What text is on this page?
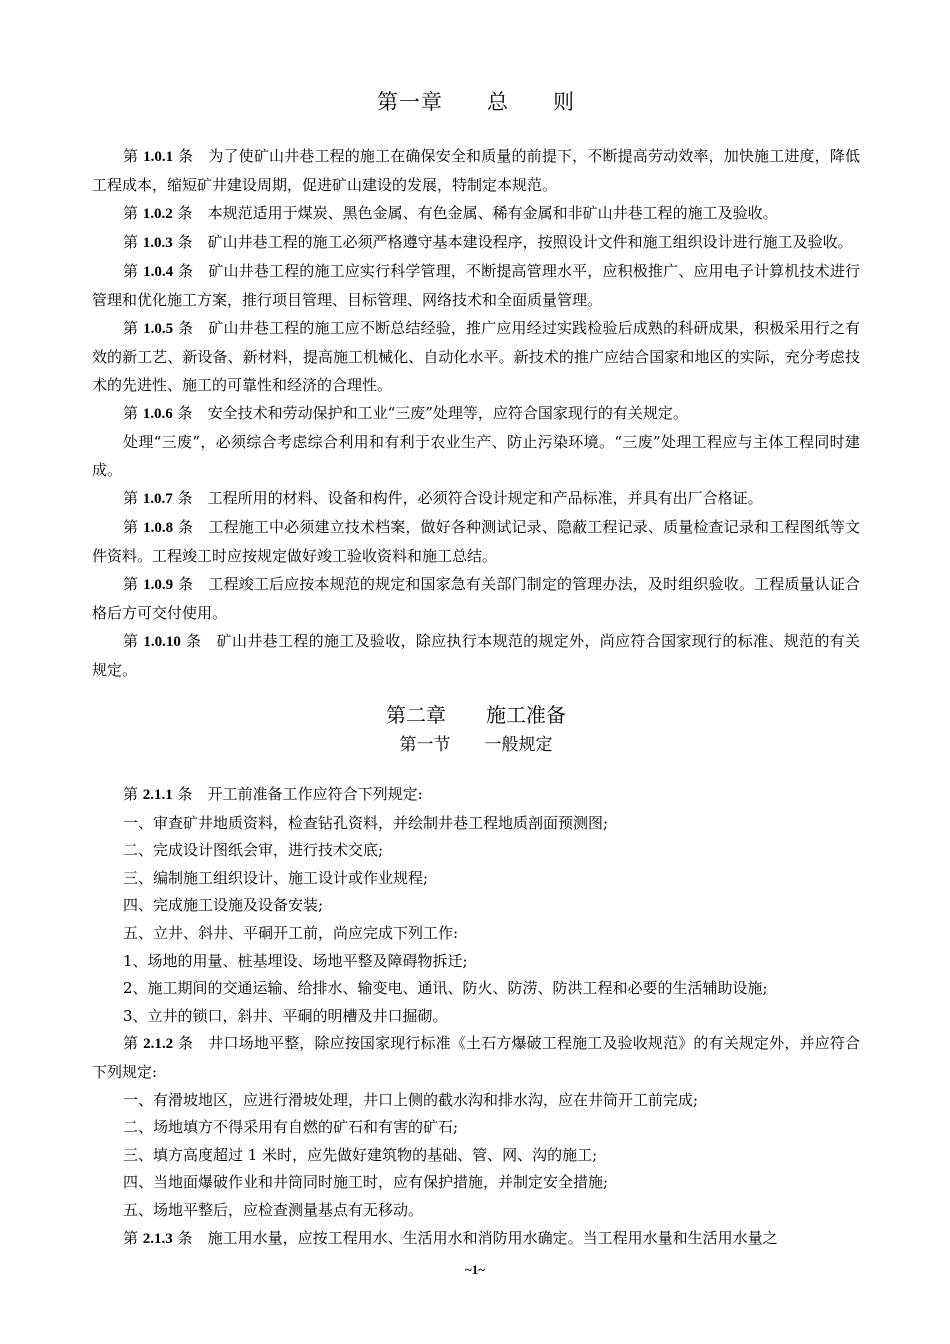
第一章　　总　　则

第 1.0.1 条　为了使矿山井巷工程的施工在确保安全和质量的前提下，不断提高劳动效率，加快施工进度，降低工程成本，缩短矿井建设周期，促进矿山建设的发展，特制定本规范。

第 1.0.2 条　本规范适用于煤炭、黑色金属、有色金属、稀有金属和非矿山井巷工程的施工及验收。

第 1.0.3 条　矿山井巷工程的施工必须严格遵守基本建设程序，按照设计文件和施工组织设计进行施工及验收。

第 1.0.4 条　矿山井巷工程的施工应实行科学管理，不断提高管理水平，应积极推广、应用电子计算机技术进行管理和优化施工方案，推行项目管理、目标管理、网络技术和全面质量管理。

第 1.0.5 条　矿山井巷工程的施工应不断总结经验，推广应用经过实践检验后成熟的科研成果，积极采用行之有效的新工艺、新设备、新材料，提高施工机械化、自动化水平。新技术的推广应结合国家和地区的实际，充分考虑技术的先进性、施工的可靠性和经济的合理性。

第 1.0.6 条　安全技术和劳动保护和工业“三废”处理等，应符合国家现行的有关规定。

处理“三废”，必须综合考虑综合利用和有利于农业生产、防止污染环境。“三废”处理工程应与主体工程同时建成。

第 1.0.7 条　工程所用的材料、设备和构件，必须符合设计规定和产品标准，并具有出厂合格证。

第 1.0.8 条　工程施工中必须建立技术档案，做好各种测试记录、隐蔽工程记录、质量检查记录和工程图纸等文件资料。工程竣工时应按规定做好竣工验收资料和施工总结。

第 1.0.9 条　工程竣工后应按本规范的规定和国家急有关部门制定的管理办法，及时组织验收。工程质量认证合格后方可交付使用。

第 1.0.10 条　矿山井巷工程的施工及验收，除应执行本规范的规定外，尚应符合国家现行的标准、规范的有关规定。

第二章　　施工准备
第一节　　一般规定

第 2.1.1 条　开工前准备工作应符合下列规定:

一、审查矿井地质资料，检查钻孔资料，并绘制井巷工程地质剖面预测图;

二、完成设计图纸会审，进行技术交底;

三、编制施工组织设计、施工设计或作业规程;

四、完成施工设施及设备安装;

五、立井、斜井、平硐开工前，尚应完成下列工作:

1、场地的用量、桩基埋设、场地平整及障碍物拆迁;

2、施工期间的交通运输、给排水、输变电、通讯、防火、防涝、防洪工程和必要的生活辅助设施;

3、立井的锁口，斜井、平硐的明槽及井口掘砌。

第 2.1.2 条　井口场地平整，除应按国家现行标准《土石方爆破工程施工及验收规范》的有关规定外，并应符合下列规定:

一、有滑坡地区，应进行滑坡处理，井口上侧的截水沟和排水沟，应在井筒开工前完成;

二、场地填方不得采用有自燃的矿石和有害的矿石;

三、填方高度超过 1 米时，应先做好建筑物的基础、管、网、沟的施工;

四、当地面爆破作业和井筒同时施工时，应有保护措施，并制定安全措施;

五、场地平整后，应检查测量基点有无移动。

第 2.1.3 条　施工用水量，应按工程用水、生活用水和消防用水确定。当工程用水量和生活用水量之

~1~
